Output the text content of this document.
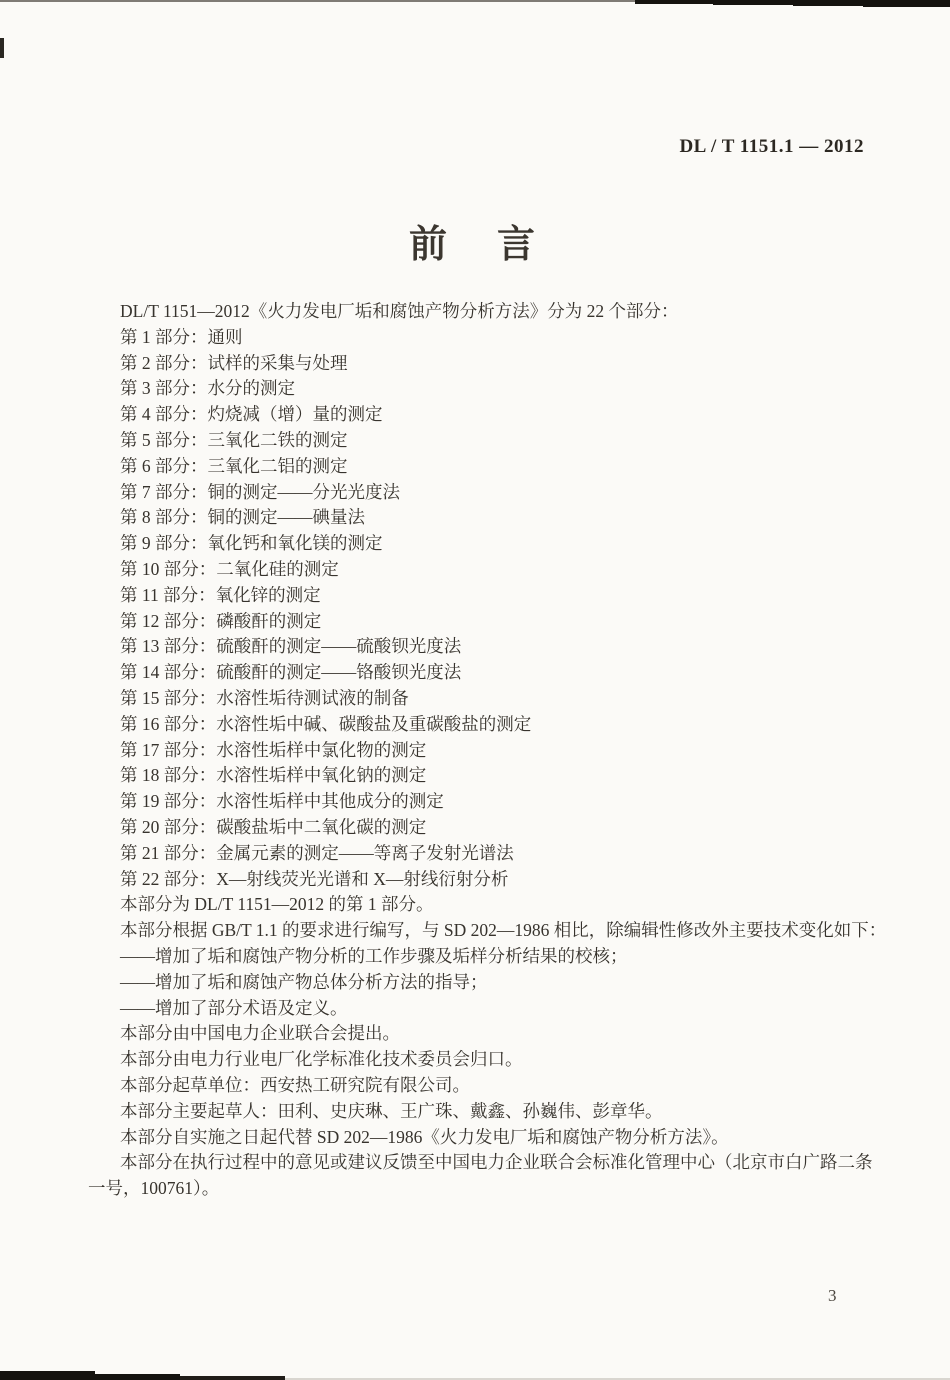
DL / T 1151.1 — 2012
前　言
DL/T 1151—2012《火力发电厂垢和腐蚀产物分析方法》分为 22 个部分：
第 1 部分：通则
第 2 部分：试样的采集与处理
第 3 部分：水分的测定
第 4 部分：灼烧减（增）量的测定
第 5 部分：三氧化二铁的测定
第 6 部分：三氧化二铝的测定
第 7 部分：铜的测定——分光光度法
第 8 部分：铜的测定——碘量法
第 9 部分：氧化钙和氧化镁的测定
第 10 部分：二氧化硅的测定
第 11 部分：氧化锌的测定
第 12 部分：磷酸酐的测定
第 13 部分：硫酸酐的测定——硫酸钡光度法
第 14 部分：硫酸酐的测定——铬酸钡光度法
第 15 部分：水溶性垢待测试液的制备
第 16 部分：水溶性垢中碱、碳酸盐及重碳酸盐的测定
第 17 部分：水溶性垢样中氯化物的测定
第 18 部分：水溶性垢样中氧化钠的测定
第 19 部分：水溶性垢样中其他成分的测定
第 20 部分：碳酸盐垢中二氧化碳的测定
第 21 部分：金属元素的测定——等离子发射光谱法
第 22 部分：X—射线荧光光谱和 X—射线衍射分析
本部分为 DL/T 1151—2012 的第 1 部分。
本部分根据 GB/T 1.1 的要求进行编写，与 SD 202—1986 相比，除编辑性修改外主要技术变化如下：
——增加了垢和腐蚀产物分析的工作步骤及垢样分析结果的校核；
——增加了垢和腐蚀产物总体分析方法的指导；
——增加了部分术语及定义。
本部分由中国电力企业联合会提出。
本部分由电力行业电厂化学标准化技术委员会归口。
本部分起草单位：西安热工研究院有限公司。
本部分主要起草人：田利、史庆琳、王广珠、戴鑫、孙巍伟、彭章华。
本部分自实施之日起代替 SD 202—1986《火力发电厂垢和腐蚀产物分析方法》。
本部分在执行过程中的意见或建议反馈至中国电力企业联合会标准化管理中心（北京市白广路二条
一号，100761）。
3
